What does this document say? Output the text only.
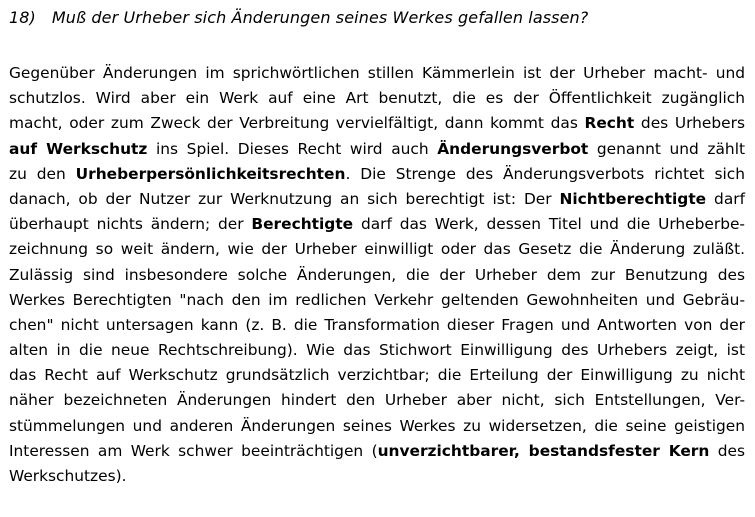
18) Muß der Urheber sich Änderungen seines Werkes gefallen lassen?
Gegenüber Änderungen im sprichwörtlichen stillen Kämmerlein ist der Urheber macht- und
schutzlos. Wird aber ein Werk auf eine Art benutzt, die es der Öffentlichkeit zugänglich
macht, oder zum Zweck der Verbreitung vervielfältigt, dann kommt das Recht des Urhebers
auf Werkschutz ins Spiel. Dieses Recht wird auch Änderungsverbot genannt und zählt
zu den Urheberpersönlichkeitsrechten. Die Strenge des Änderungsverbots richtet sich
danach, ob der Nutzer zur Werknutzung an sich berechtigt ist: Der Nichtberechtigte darf
überhaupt nichts ändern; der Berechtigte darf das Werk, dessen Titel und die Urheberbe-
zeichnung so weit ändern, wie der Urheber einwilligt oder das Gesetz die Änderung zuläßt.
Zulässig sind insbesondere solche Änderungen, die der Urheber dem zur Benutzung des
Werkes Berechtigten "nach den im redlichen Verkehr geltenden Gewohnheiten und Gebräu-
chen" nicht untersagen kann (z. B. die Transformation dieser Fragen und Antworten von der
alten in die neue Rechtschreibung). Wie das Stichwort Einwilligung des Urhebers zeigt, ist
das Recht auf Werkschutz grundsätzlich verzichtbar; die Erteilung der Einwilligung zu nicht
näher bezeichneten Änderungen hindert den Urheber aber nicht, sich Entstellungen, Ver-
stümmelungen und anderen Änderungen seines Werkes zu widersetzen, die seine geistigen
Interessen am Werk schwer beeinträchtigen (unverzichtbarer, bestandsfester Kern des
Werkschutzes).
